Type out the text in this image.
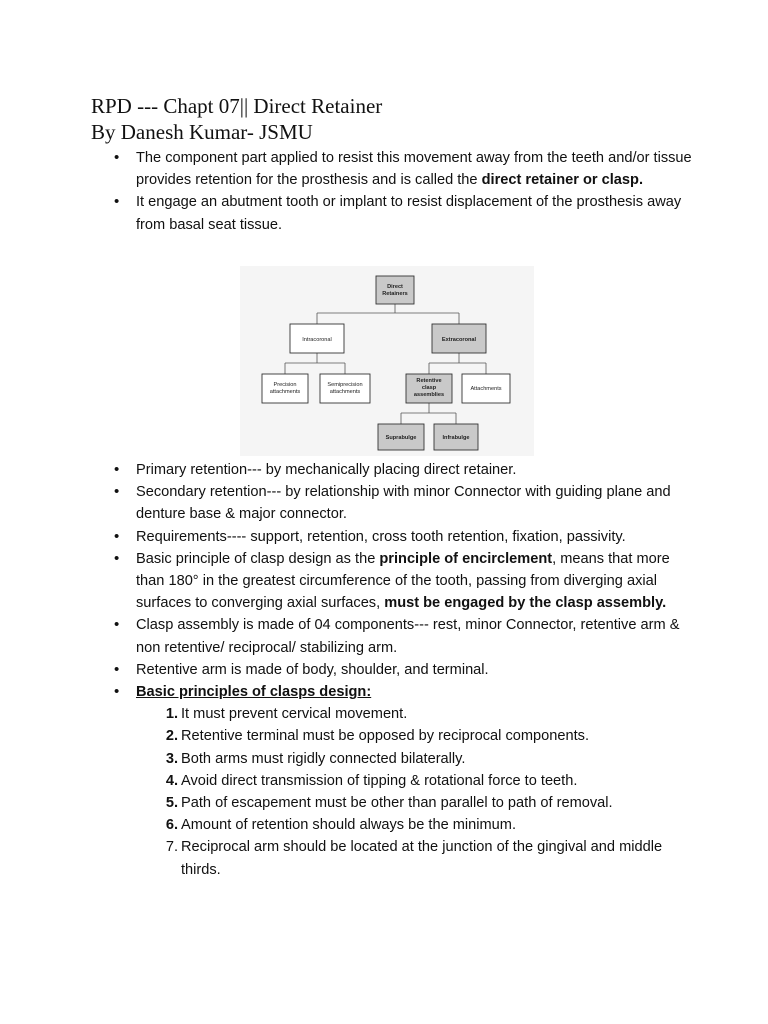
RPD --- Chapt 07|| Direct Retainer
By Danesh Kumar- JSMU

• The component part applied to resist this movement away from the teeth and/or tissue provides retention for the prosthesis and is called the direct retainer or clasp.

• It engage an abutment tooth or implant to resist displacement of the prosthesis away from basal seat tissue.

Direct
Retainers
Intracoronal	Extracoronal
Precision
attachments
Semiprecision
attachments
Retentive
clasp
assemblies
Attachments
Suprabulge	Infrabulge

• Primary retention--- by mechanically placing direct retainer.

• Secondary retention--- by relationship with minor Connector with guiding plane and denture base & major connector.

• Requirements---- support, retention, cross tooth retention, fixation, passivity.

• Basic principle of clasp design as the principle of encirclement, means that more than 180° in the greatest circumference of the tooth, passing from diverging axial surfaces to converging axial surfaces, must be engaged by the clasp assembly.

• Clasp assembly is made of 04 components--- rest, minor Connector, retentive arm & non retentive/ reciprocal/ stabilizing arm.

• Retentive arm is made of body, shoulder, and terminal.

• Basic principles of clasps design:

1. It must prevent cervical movement.

2. Retentive terminal must be opposed by reciprocal components.

3. Both arms must rigidly connected bilaterally.

4. Avoid direct transmission of tipping & rotational force to teeth.

5. Path of escapement must be other than parallel to path of removal.

6. Amount of retention should always be the minimum.

7. Reciprocal arm should be located at the junction of the gingival and middle thirds.
